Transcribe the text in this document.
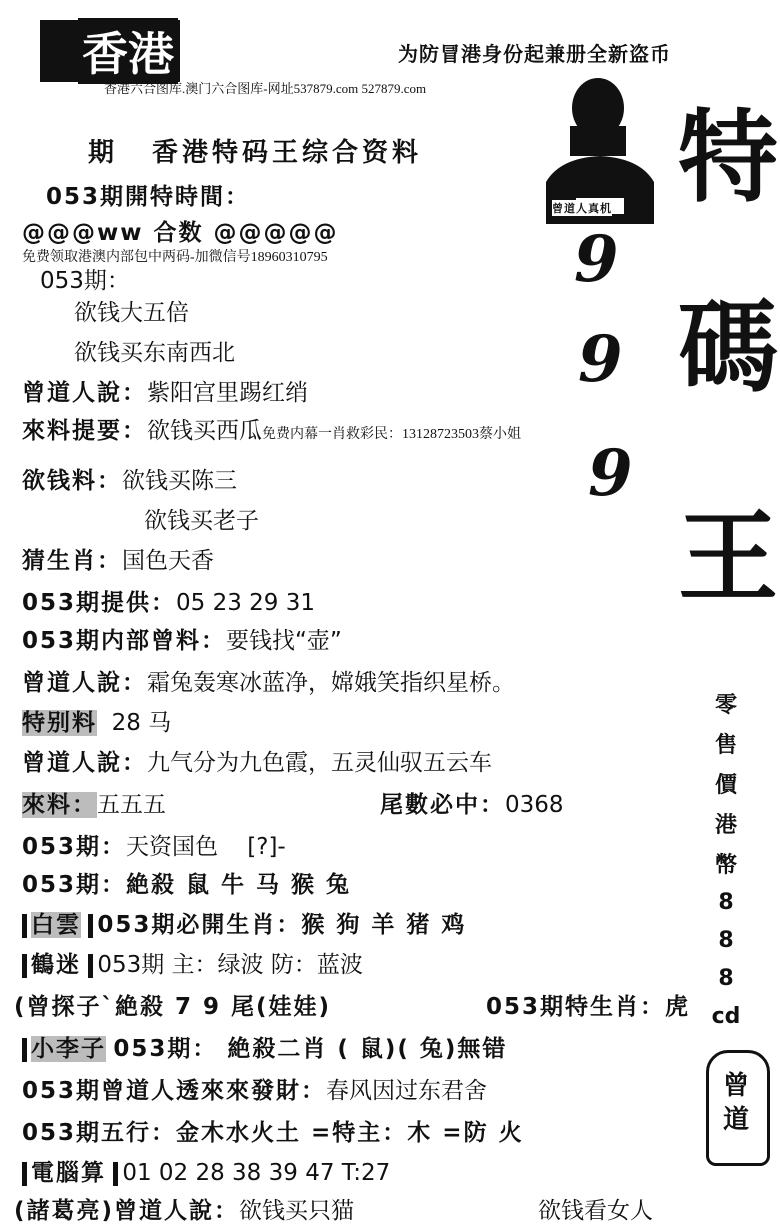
香港	为防冒港身份起兼册全新盗币
香港六合图库.澳门六合图库-网址537879.com 527879.com
期 香港特码王综合资料
053期開特時間：
@@@ww 合数 @@@@@
免费领取港澳内部包中两码-加微信号18960310795
053期：
欲钱大五倍
欲钱买东南西北
曾道人說：紫阳宫里踢红绡
來料提要：欲钱买西瓜免费内幕一肖救彩民：13128723503蔡小姐
欲钱料：欲钱买陈三
欲钱买老子
猜生肖：国色天香
053期提供：05 23 29 31
053期内部曾料：要钱找“壶”
曾道人說：霜兔轰寒冰蓝净，嫦娥笑指织星桥。
特别料 28 马
曾道人說：九气分为九色霞，五灵仙驭五云车
來料：五五五	尾數必中：0368
053期：天资国色 [?]-
053期：絶殺 鼠 牛 马 猴 兔
白雲 053期必開生肖：猴 狗 羊 猪 鸡
鶴迷 053期 主：绿波 防：蓝波
(曾探子`絶殺 7 9 尾(娃娃)	053期特生肖：虎
小李子 053期： 絶殺二肖 ( 鼠)( 兔)無错
053期曾道人透來來發財：春风因过东君舍
053期五行：金木水火土 =特主：木 =防 火
電腦算 01 02 28 38 39 47 T:27
(諸葛亮)曾道人說：欲钱买只猫	欲钱看女人
曾道人真机
9
9
9
特
碼
王
零
售
價
港
幣
8
8
8
cd
曾道
